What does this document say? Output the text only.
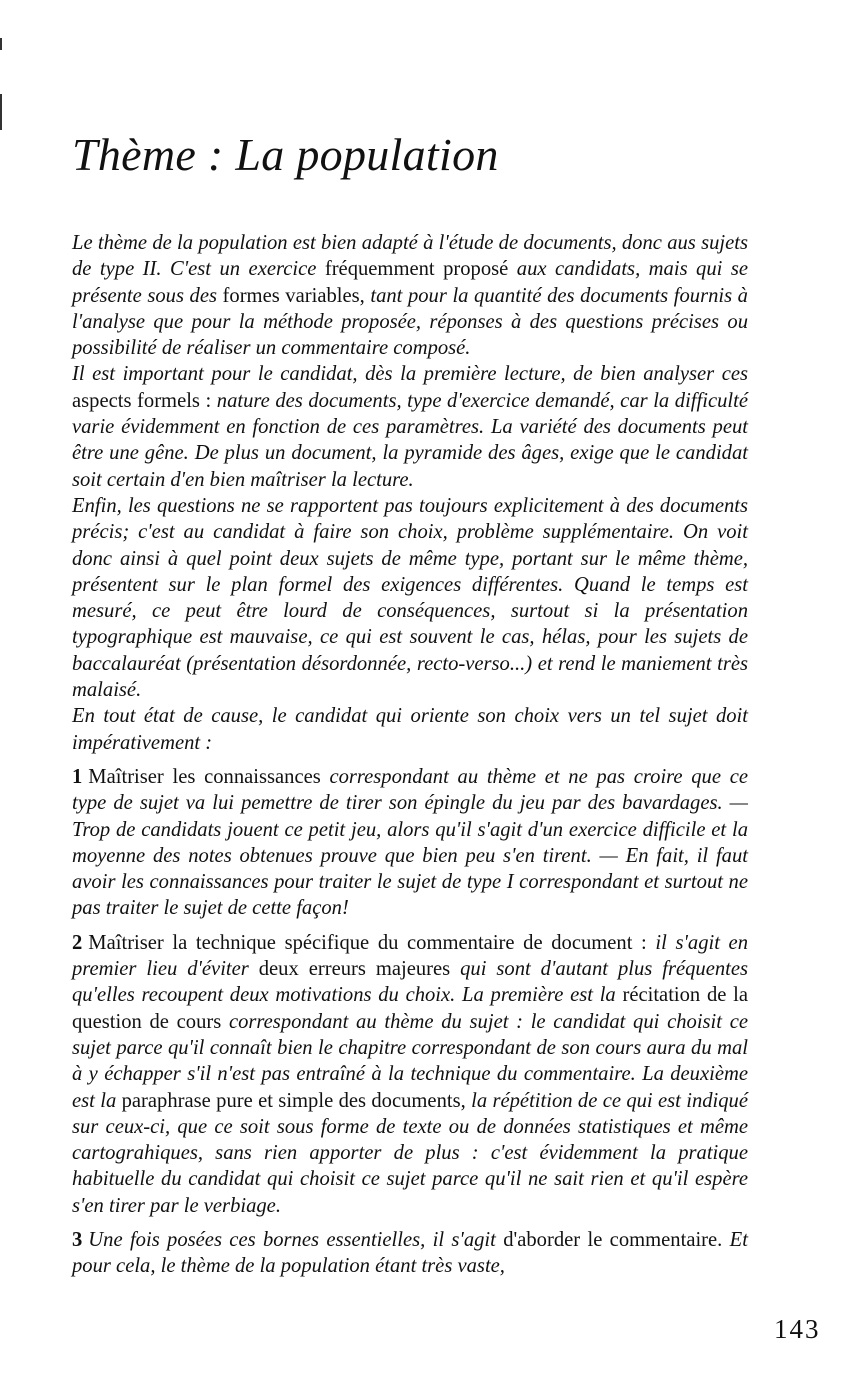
Thème : La population

Le thème de la population est bien adapté à l'étude de documents, donc aus sujets de type II. C'est un exercice fréquemment proposé aux candidats, mais qui se présente sous des formes variables, tant pour la quantité des documents fournis à l'analyse que pour la méthode proposée, réponses à des questions précises ou possibilité de réaliser un commentaire composé.

Il est important pour le candidat, dès la première lecture, de bien analyser ces aspects formels : nature des documents, type d'exercice demandé, car la difficulté varie évidemment en fonction de ces paramètres. La variété des documents peut être une gêne. De plus un document, la pyramide des âges, exige que le candidat soit certain d'en bien maîtriser la lecture.

Enfin, les questions ne se rapportent pas toujours explicitement à des documents précis; c'est au candidat à faire son choix, problème supplémentaire. On voit donc ainsi à quel point deux sujets de même type, portant sur le même thème, présentent sur le plan formel des exigences différentes. Quand le temps est mesuré, ce peut être lourd de conséquences, surtout si la présentation typographique est mauvaise, ce qui est souvent le cas, hélas, pour les sujets de baccalauréat (présentation désordonnée, recto-verso...) et rend le maniement très malaisé.

En tout état de cause, le candidat qui oriente son choix vers un tel sujet doit impérativement :

1 Maîtriser les connaissances correspondant au thème et ne pas croire que ce type de sujet va lui pemettre de tirer son épingle du jeu par des bavardages. — Trop de candidats jouent ce petit jeu, alors qu'il s'agit d'un exercice difficile et la moyenne des notes obtenues prouve que bien peu s'en tirent. — En fait, il faut avoir les connaissances pour traiter le sujet de type I correspondant et surtout ne pas traiter le sujet de cette façon!

2 Maîtriser la technique spécifique du commentaire de document : il s'agit en premier lieu d'éviter deux erreurs majeures qui sont d'autant plus fréquentes qu'elles recoupent deux motivations du choix. La première est la récitation de la question de cours correspondant au thème du sujet : le candidat qui choisit ce sujet parce qu'il connaît bien le chapitre correspondant de son cours aura du mal à y échapper s'il n'est pas entraîné à la technique du commentaire. La deuxième est la paraphrase pure et simple des documents, la répétition de ce qui est indiqué sur ceux-ci, que ce soit sous forme de texte ou de données statistiques et même cartograhiques, sans rien apporter de plus : c'est évidemment la pratique habituelle du candidat qui choisit ce sujet parce qu'il ne sait rien et qu'il espère s'en tirer par le verbiage.

3 Une fois posées ces bornes essentielles, il s'agit d'aborder le commentaire. Et pour cela, le thème de la population étant très vaste,

143
